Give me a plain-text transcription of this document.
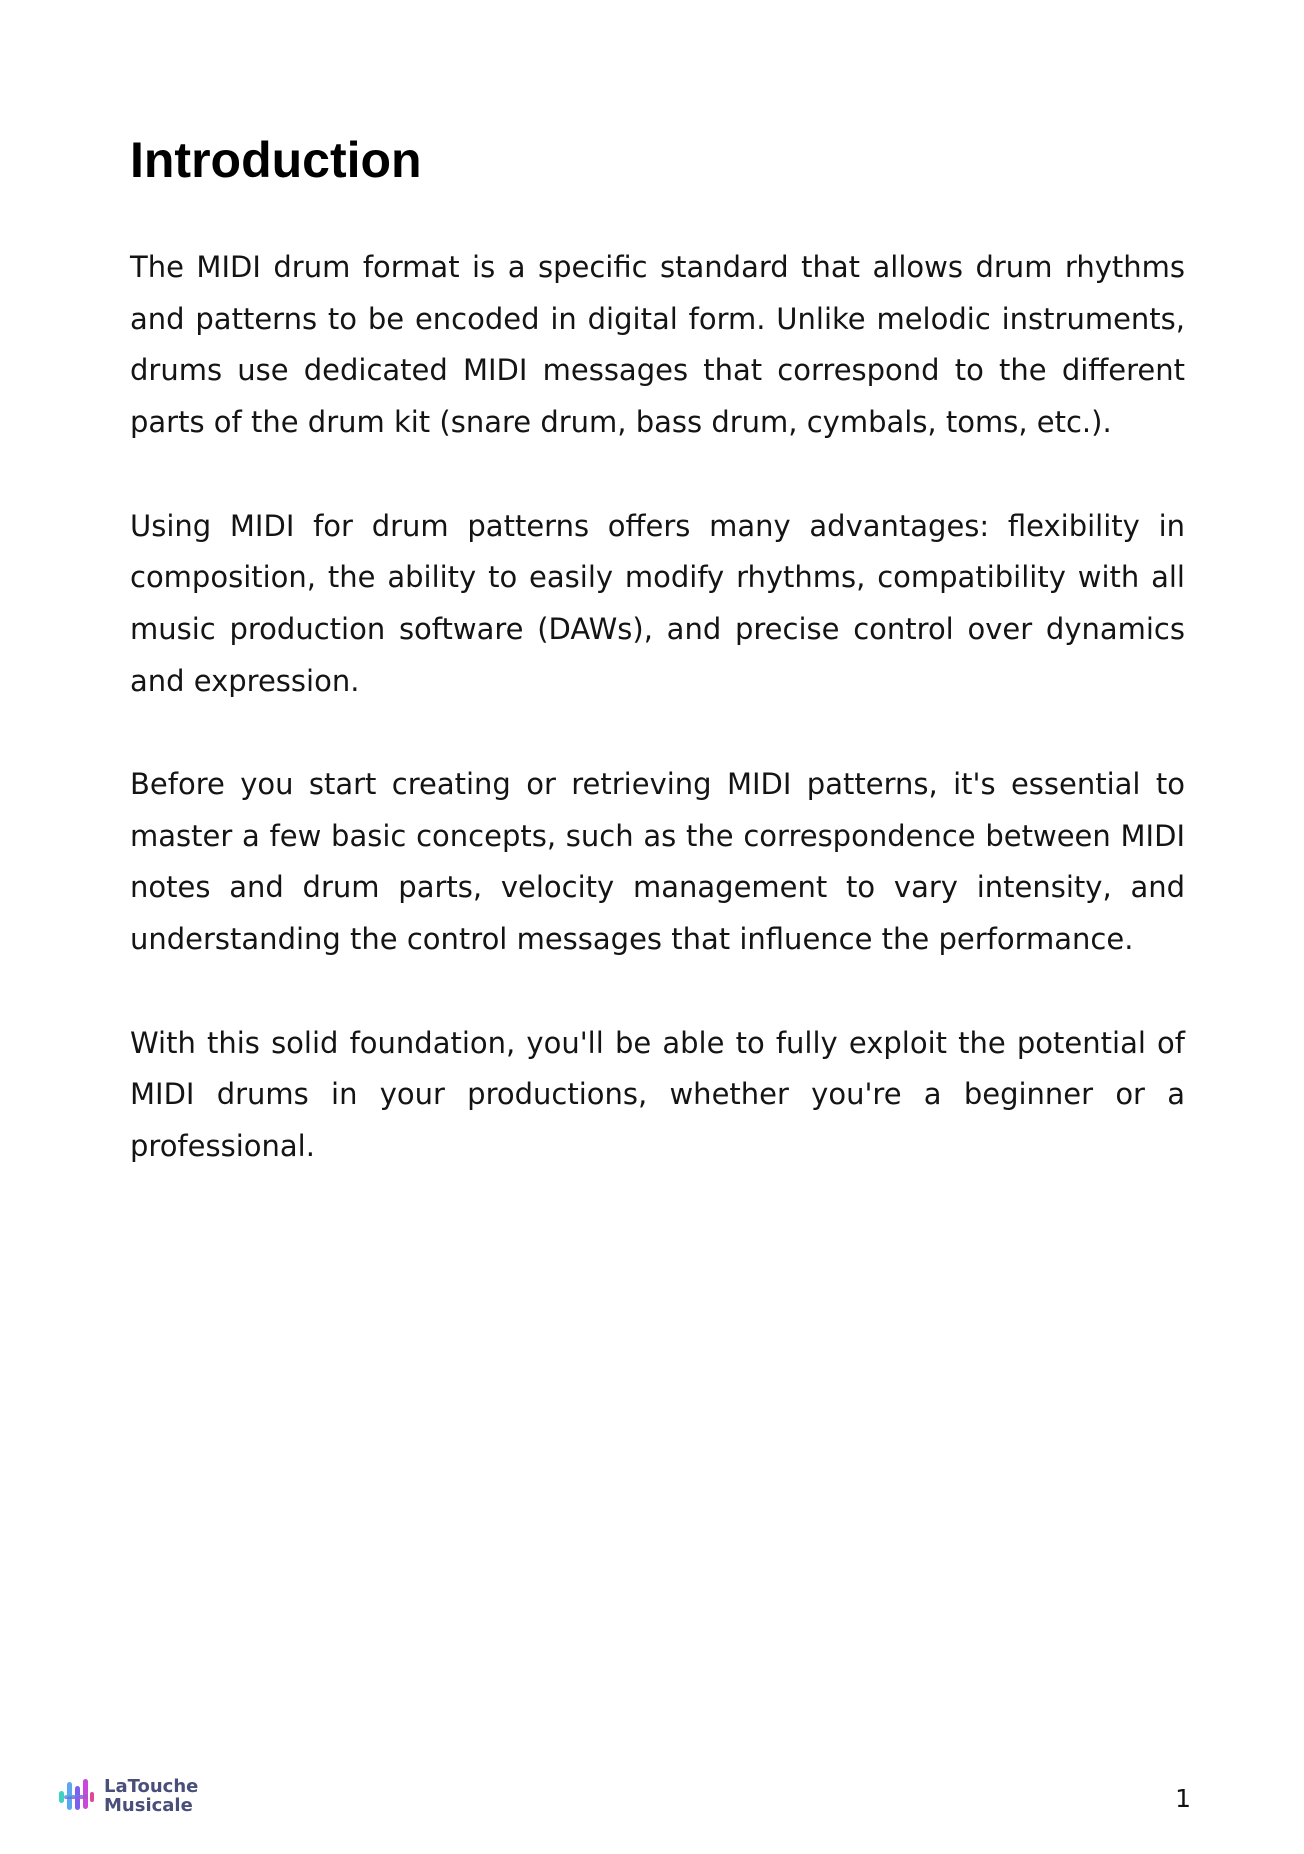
Introduction

The MIDI drum format is a specific standard that allows drum rhythms and patterns to be encoded in digital form. Unlike melodic instruments, drums use dedicated MIDI messages that correspond to the different parts of the drum kit (snare drum, bass drum, cymbals, toms, etc.).

Using MIDI for drum patterns offers many advantages: flexibility in composition, the ability to easily modify rhythms, compatibility with all music production software (DAWs), and precise control over dynamics and expression.

Before you start creating or retrieving MIDI patterns, it's essential to master a few basic concepts, such as the correspondence between MIDI notes and drum parts, velocity management to vary intensity, and understanding the control messages that influence the performance.

With this solid foundation, you'll be able to fully exploit the potential of MIDI drums in your productions, whether you're a beginner or a professional.

LaTouche
Musicale	1
